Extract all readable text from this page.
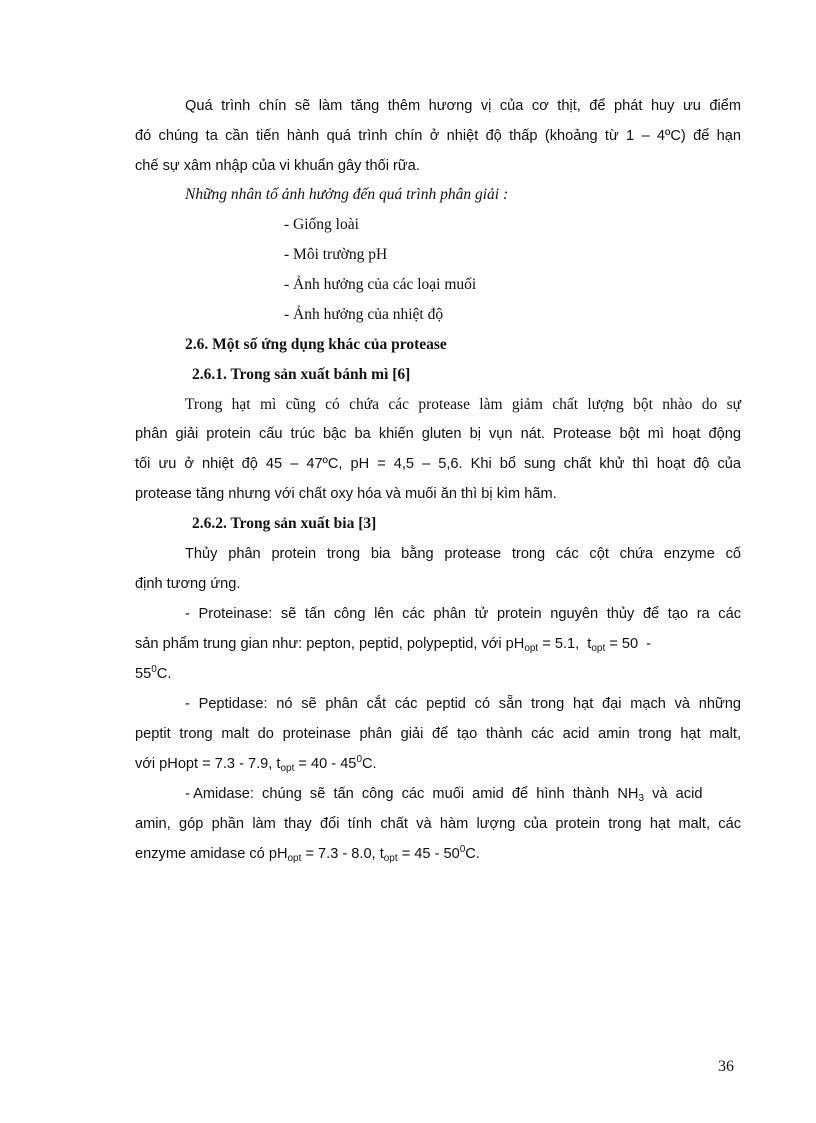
Quá trình chín sẽ làm tăng thêm hương vị của cơ thịt, để phát huy ưu điểm
đó chúng ta cần tiến hành quá trình chín ở nhiệt độ thấp (khoảng từ 1 – 4ºC) để hạn
chế sự xâm nhập của vi khuẩn gây thối rữa.
Những nhân tố ảnh hưởng đến quá trình phân giải :
- Giống loài
- Môi trường pH
- Ảnh hưởng của các loại muối
- Ảnh hưởng của nhiệt độ
2.6. Một số ứng dụng khác của protease
2.6.1. Trong sản xuất bánh mì [6]
Trong hạt mì cũng có chứa các protease làm giảm chất lượng bột nhào do sự
phân giải protein cấu trúc bậc ba khiến gluten bị vụn nát. Protease bột mì hoạt động
tối ưu ở nhiệt độ 45 – 47ºC, pH = 4,5 – 5,6. Khi bổ sung chất khử thì hoạt độ của
protease tăng nhưng với chất oxy hóa và muối ăn thì bị kìm hãm.
2.6.2. Trong sản xuất bia [3]
Thủy phân protein trong bia bằng protease trong các cột chứa enzyme cố
định tương ứng.
- Proteinase: sẽ tấn công lên các phân tử protein nguyên thủy để tạo ra các
sản phẩm trung gian như: pepton, peptid, polypeptid, với $pH_{opt} = 5.1$,  $t_{opt} = 50$  -
$55^0C$.
- Peptidase: nó sẽ phân cắt các peptid có sẵn trong hạt đại mạch và những
peptit trong malt do proteinase phân giải để tạo thành các acid amin trong hạt malt,
với pHopt = 7.3 - 7.9, $t_{opt} = 40 - 45^0C$.
- Amidase:  chúng  sẽ  tấn  công  các  muối  amid  để  hình  thành  $NH_3$  và  acid
amin, góp phần làm thay đổi tính chất và hàm lượng của protein trong hạt malt, các
enzyme amidase có $pH_{opt} = 7.3 - 8.0$, $t_{opt} = 45 - 50^0C$.
36
